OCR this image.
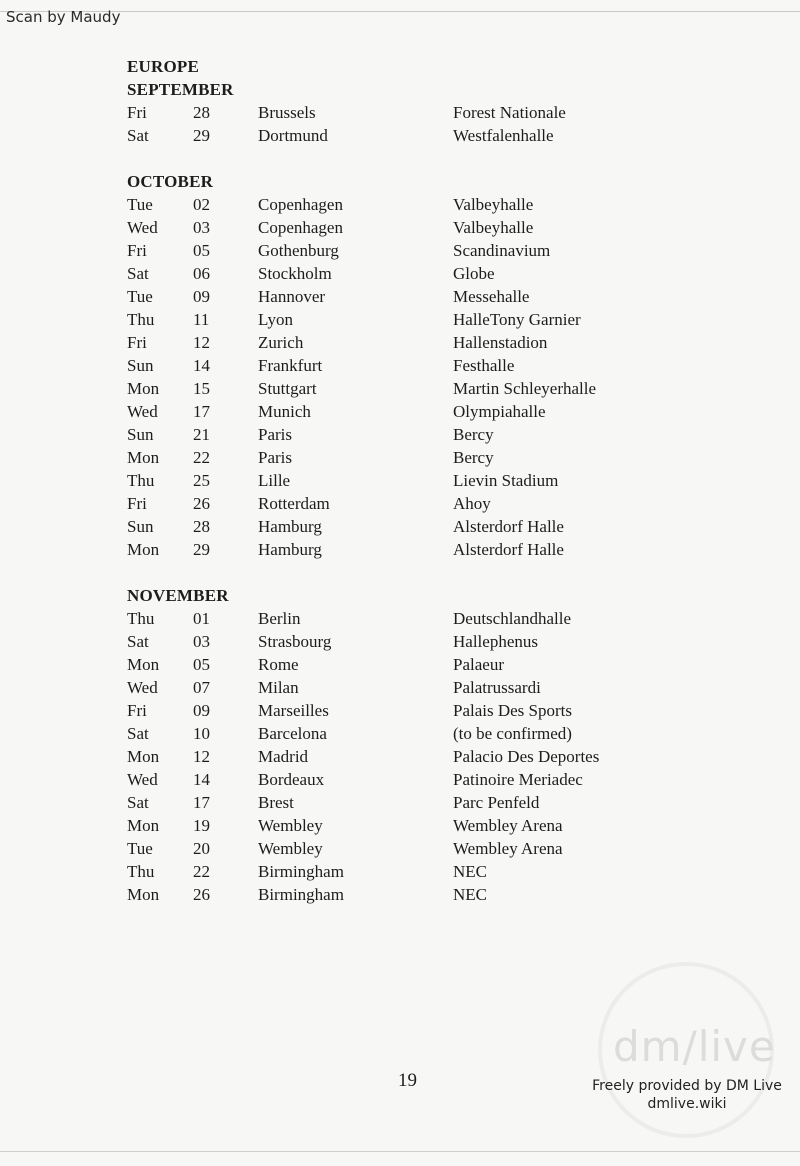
Scan by Maudy
EUROPE
SEPTEMBER
Fri	28	Brussels	Forest Nationale
Sat	29	Dortmund	Westfalenhalle
OCTOBER
Tue 02	Copenhagen	Valbeyhalle
Wed 03	Copenhagen	Valbeyhalle
Fri	05	Gothenburg	Scandinavium
Sat	06	Stockholm	Globe
Tue 09	Hannover	Messehalle
Thu 11	Lyon	HalleTony Garnier
Fri	12	Zurich	Hallenstadion
Sun 14	Frankfurt	Festhalle
Mon 15	Stuttgart	Martin Schleyerhalle
Wed 17	Munich	Olympiahalle
Sun 21	Paris	Bercy
Mon 22	Paris	Bercy
Thu 25	Lille	Lievin Stadium
Fri	26	Rotterdam	Ahoy
Sun 28	Hamburg	Alsterdorf Halle
Mon 29	Hamburg	Alsterdorf Halle
NOVEMBER
Thu 01	Berlin	Deutschlandhalle
Sat	03	Strasbourg	Hallephenus
Mon 05	Rome	Palaeur
Wed 07	Milan	Palatrussardi
Fri	09	Marseilles	Palais Des Sports
Sat	10	Barcelona	(to be confirmed)
Mon 12	Madrid	Palacio Des Deportes
Wed 14	Bordeaux	Patinoire Meriadec
Sat	17	Brest	Parc Penfeld
Mon 19	Wembley	Wembley Arena
Tue 20	Wembley	Wembley Arena
Thu 22	Birmingham	NEC
Mon 26	Birmingham	NEC
19
dm/live
Freely provided by DM Live
dmlive.wiki
